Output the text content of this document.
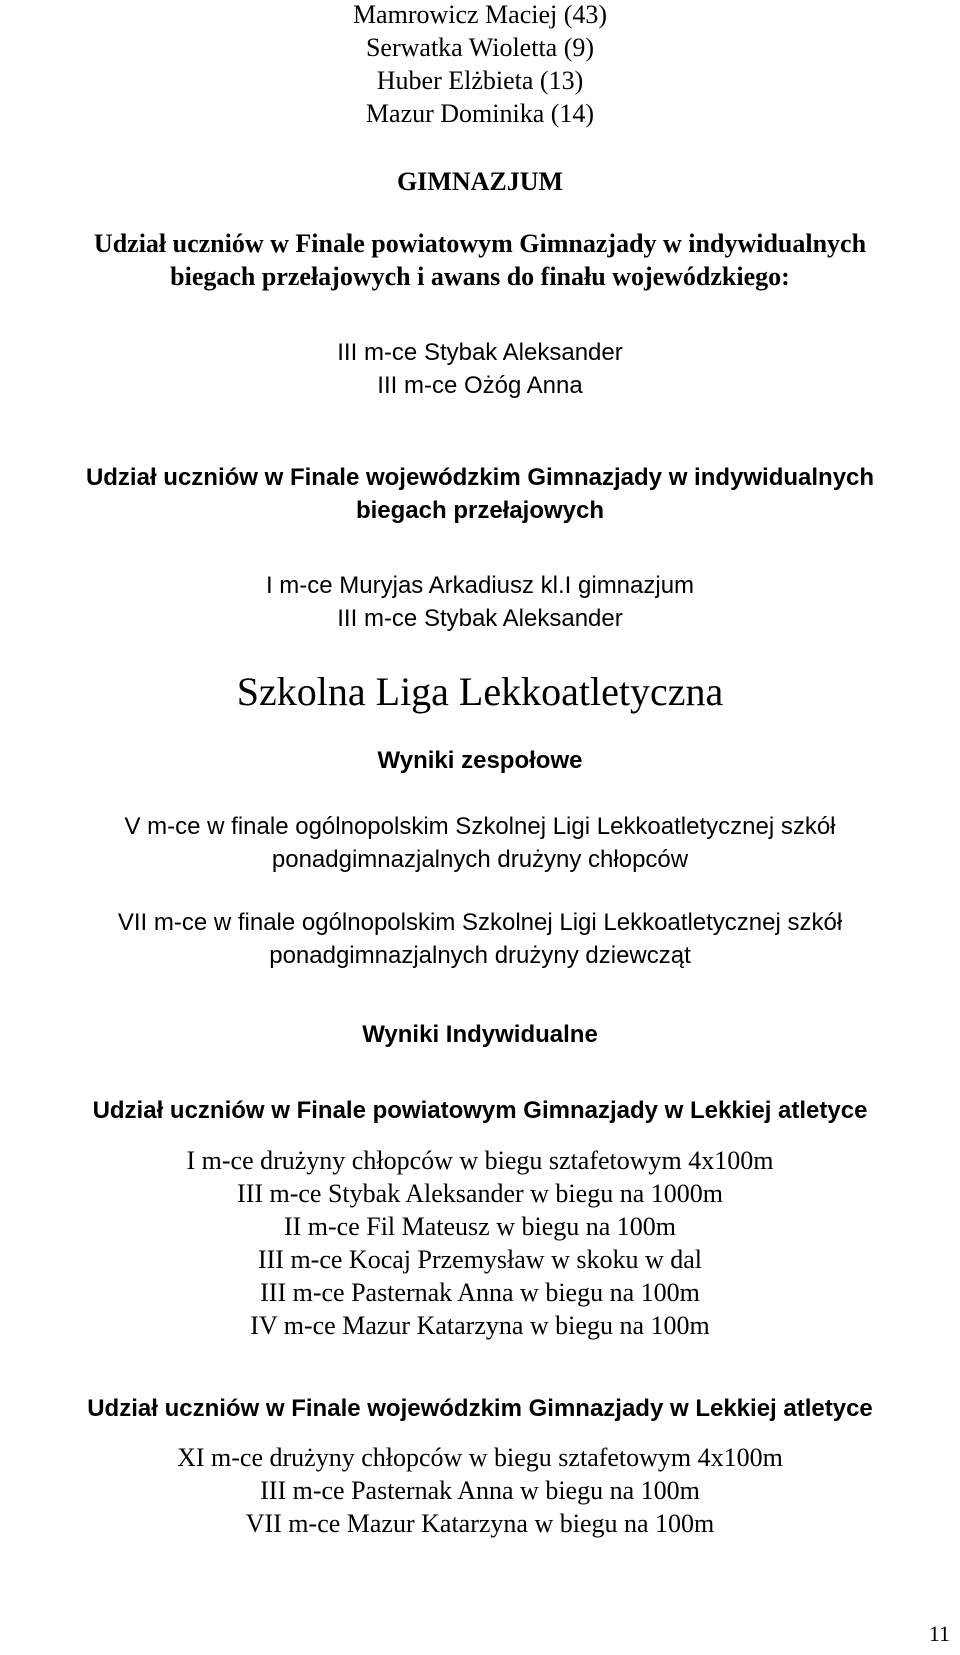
Mamrowicz Maciej (43)
Serwatka Wioletta (9)
Huber Elżbieta (13)
Mazur Dominika (14)
GIMNAZJUM
Udział uczniów w Finale powiatowym Gimnazjady w indywidualnych
biegach przełajowych i awans do finału wojewódzkiego:
III m-ce Stybak Aleksander
III m-ce Ożóg Anna
Udział uczniów w Finale wojewódzkim Gimnazjady w indywidualnych
biegach przełajowych
I m-ce Muryjas Arkadiusz kl.I gimnazjum
III m-ce Stybak Aleksander
Szkolna Liga Lekkoatletyczna
Wyniki zespołowe
V m-ce w finale ogólnopolskim Szkolnej Ligi Lekkoatletycznej szkół
ponadgimnazjalnych drużyny chłopców
VII m-ce w finale ogólnopolskim Szkolnej Ligi Lekkoatletycznej szkół
ponadgimnazjalnych drużyny dziewcząt
Wyniki Indywidualne
Udział uczniów w Finale powiatowym Gimnazjady w Lekkiej atletyce
I m-ce drużyny chłopców w biegu sztafetowym 4x100m
III m-ce Stybak Aleksander w biegu na 1000m
II m-ce Fil Mateusz w biegu na 100m
III m-ce Kocaj Przemysław w skoku w dal
III m-ce Pasternak Anna w biegu na 100m
IV m-ce Mazur Katarzyna w biegu na 100m
Udział uczniów w Finale wojewódzkim Gimnazjady w Lekkiej atletyce
XI m-ce drużyny chłopców w biegu sztafetowym 4x100m
III m-ce Pasternak Anna w biegu na 100m
VII m-ce Mazur Katarzyna w biegu na 100m
11
